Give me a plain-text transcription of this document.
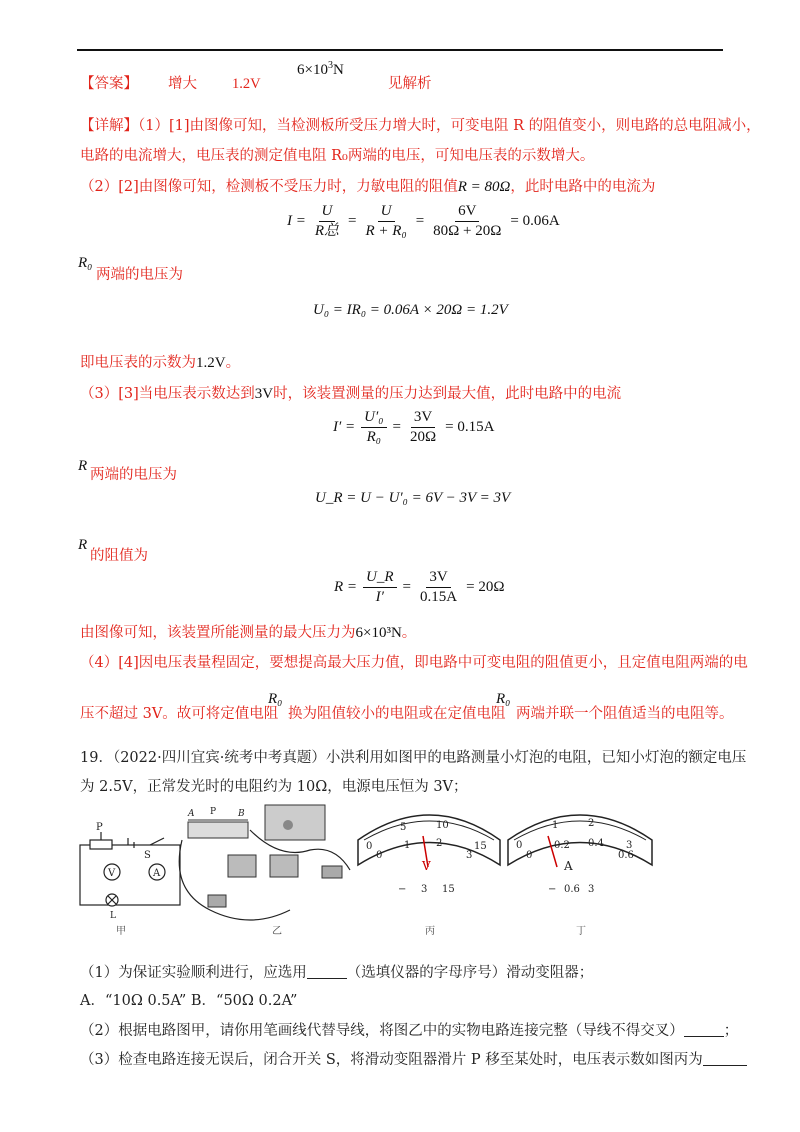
【答案】 增大 1.2V
$6\times 10^3N$
见解析
【详解】（1）[1]由图像可知，当检测板所受压力增大时，可变电阻 R 的阻值变小，则电路的总电阻减小，
电路的电流增大，电压表的测定值电阻 R₀两端的电压，可知电压表的示数增大。
（2）[2]由图像可知，检测板不受压力时，力敏电阻的阻值R = 80Ω，此时电路中的电流为
$I = \frac{U}{\text{R总}} = \frac{U}{\text{R + R₀}} = \frac{6V}{80\Omega + 20\Omega} = 0.06A$
R₀
两端的电压为
U₀ = IR₀ = 0.06A × 20Ω = 1.2V
即电压表的示数为1.2V。
（3）[3]当电压表示数达到3V时，该装置测量的压力达到最大值，此时电路中的电流
$I' = \frac{\text{U′₀}}{\text{R₀}} = \frac{3V}{20\Omega} = 0.15A$
R
两端的电压为
U_R = U − U′₀ = 6V − 3V = 3V
R
的阻值为
$R = \frac{U\_R}{I'} = \frac{3V}{0.15A} = 20\Omega$
由图像可知，该装置所能测量的最大压力为6×10³N。
（4）[4]因电压表量程固定，要想提高最大压力值，即电路中可变电阻的阻值更小，且定值电阻两端的电
压不超过 3V。故可将定值电阻
R₀
换为阻值较小的电阻或在定值电阻
R₀
两端并联一个阻值适当的电阻等。
19．（2022·四川宜宾·统考中考真题）小洪利用如图甲的电路测量小灯泡的电阻，已知小灯泡的额定电压
为 2.5V，正常发光时的电阻约为 10Ω，电源电压恒为 3V；
P
S
V	A
L
A P B
0
5	10
15
0
1	2
3
V
− 3 15
0
1	2
3
0
0.2 0.4
0.6
A
− 0.6 3
甲	乙	丙	丁
（1）为保证实验顺利进行，应选用	（选填仪器的字母序号）滑动变阻器；
A．“10Ω 0.5A” B．“50Ω 0.2A”
（2）根据电路图甲，请你用笔画线代替导线，将图乙中的实物电路连接完整（导线不得交叉）	；
（3）检查电路连接无误后，闭合开关 S，将滑动变阻器滑片 P 移至某处时，电压表示数如图丙为
